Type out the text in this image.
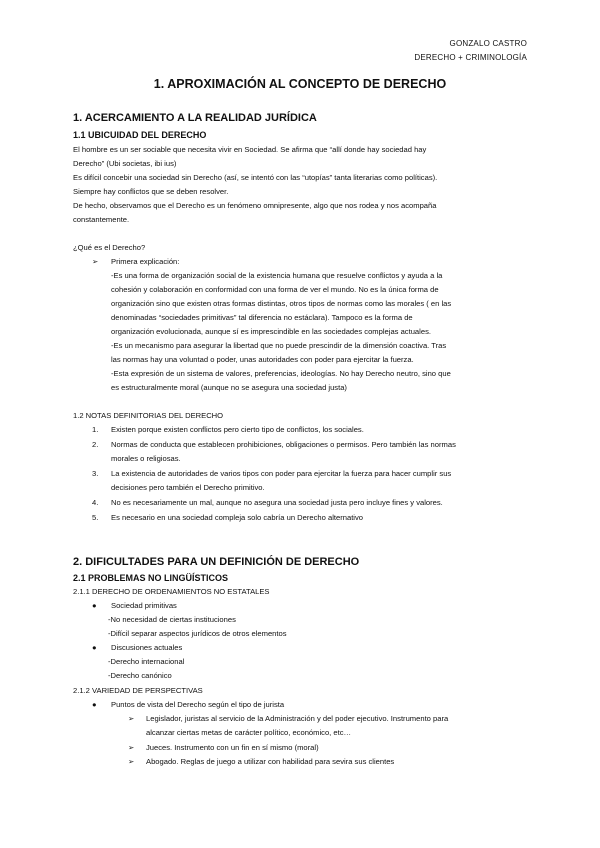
GONZALO CASTRO
DERECHO + CRIMINOLOGÍA
1. APROXIMACIÓN AL CONCEPTO DE DERECHO
1. ACERCAMIENTO A LA REALIDAD JURÍDICA
1.1 UBICUIDAD DEL DERECHO
El hombre es un ser sociable que necesita vivir en Sociedad. Se afirma que “allí donde hay sociedad hay
Derecho” (Ubi societas, ibi ius)
Es difícil concebir una sociedad sin Derecho (así, se intentó con las “utopías” tanta literarias como políticas).
Siempre hay conflictos que se deben resolver.
De hecho, observamos que el Derecho es un fenómeno omnipresente, algo que nos rodea y nos acompaña
constantemente.
¿Qué es el Derecho?
➢ Primera explicación:
-Es una forma de organización social de la existencia humana que resuelve conflictos y ayuda a la
cohesión y colaboración en conformidad con una forma de ver el mundo. No es la única forma de
organización sino que existen otras formas distintas, otros tipos de normas como las morales ( en las
denominadas “sociedades primitivas” tal diferencia no estáclara). Tampoco es la forma de
organización evolucionada, aunque sí es imprescindible en las sociedades complejas actuales.
-Es un mecanismo para asegurar la libertad que no puede prescindir de la dimensión coactiva. Tras
las normas hay una voluntad o poder, unas autoridades con poder para ejercitar la fuerza.
-Esta expresión de un sistema de valores, preferencias, ideologías. No hay Derecho neutro, sino que
es estructuralmente moral (aunque no se asegura una sociedad justa)
1.2 NOTAS DEFINITORIAS DEL DERECHO
1. Existen porque existen conflictos pero cierto tipo de conflictos, los sociales.
2. Normas de conducta que establecen prohibiciones, obligaciones o permisos. Pero también las normas
morales o religiosas.
3. La existencia de autoridades de varios tipos con poder para ejercitar la fuerza para hacer cumplir sus
decisiones pero también el Derecho primitivo.
4. No es necesariamente un mal, aunque no asegura una sociedad justa pero incluye fines y valores.
5. Es necesario en una sociedad compleja solo cabría un Derecho alternativo
2. DIFICULTADES PARA UN DEFINICIÓN DE DERECHO
2.1 PROBLEMAS NO LINGÜÍSTICOS
2.1.1 DERECHO DE ORDENAMIENTOS NO ESTATALES
● Sociedad primitivas
-No necesidad de ciertas instituciones
-Difícil separar aspectos jurídicos de otros elementos
● Discusiones actuales
-Derecho internacional
-Derecho canónico
2.1.2 VARIEDAD DE PERSPECTIVAS
● Puntos de vista del Derecho según el tipo de jurista
➢ Legislador, juristas al servicio de la Administración y del poder ejecutivo. Instrumento para
alcanzar ciertas metas de carácter político, económico, etc…
➢ Jueces. Instrumento con un fin en sí mismo (moral)
➢ Abogado. Reglas de juego a utilizar con habilidad para sevira sus clientes
